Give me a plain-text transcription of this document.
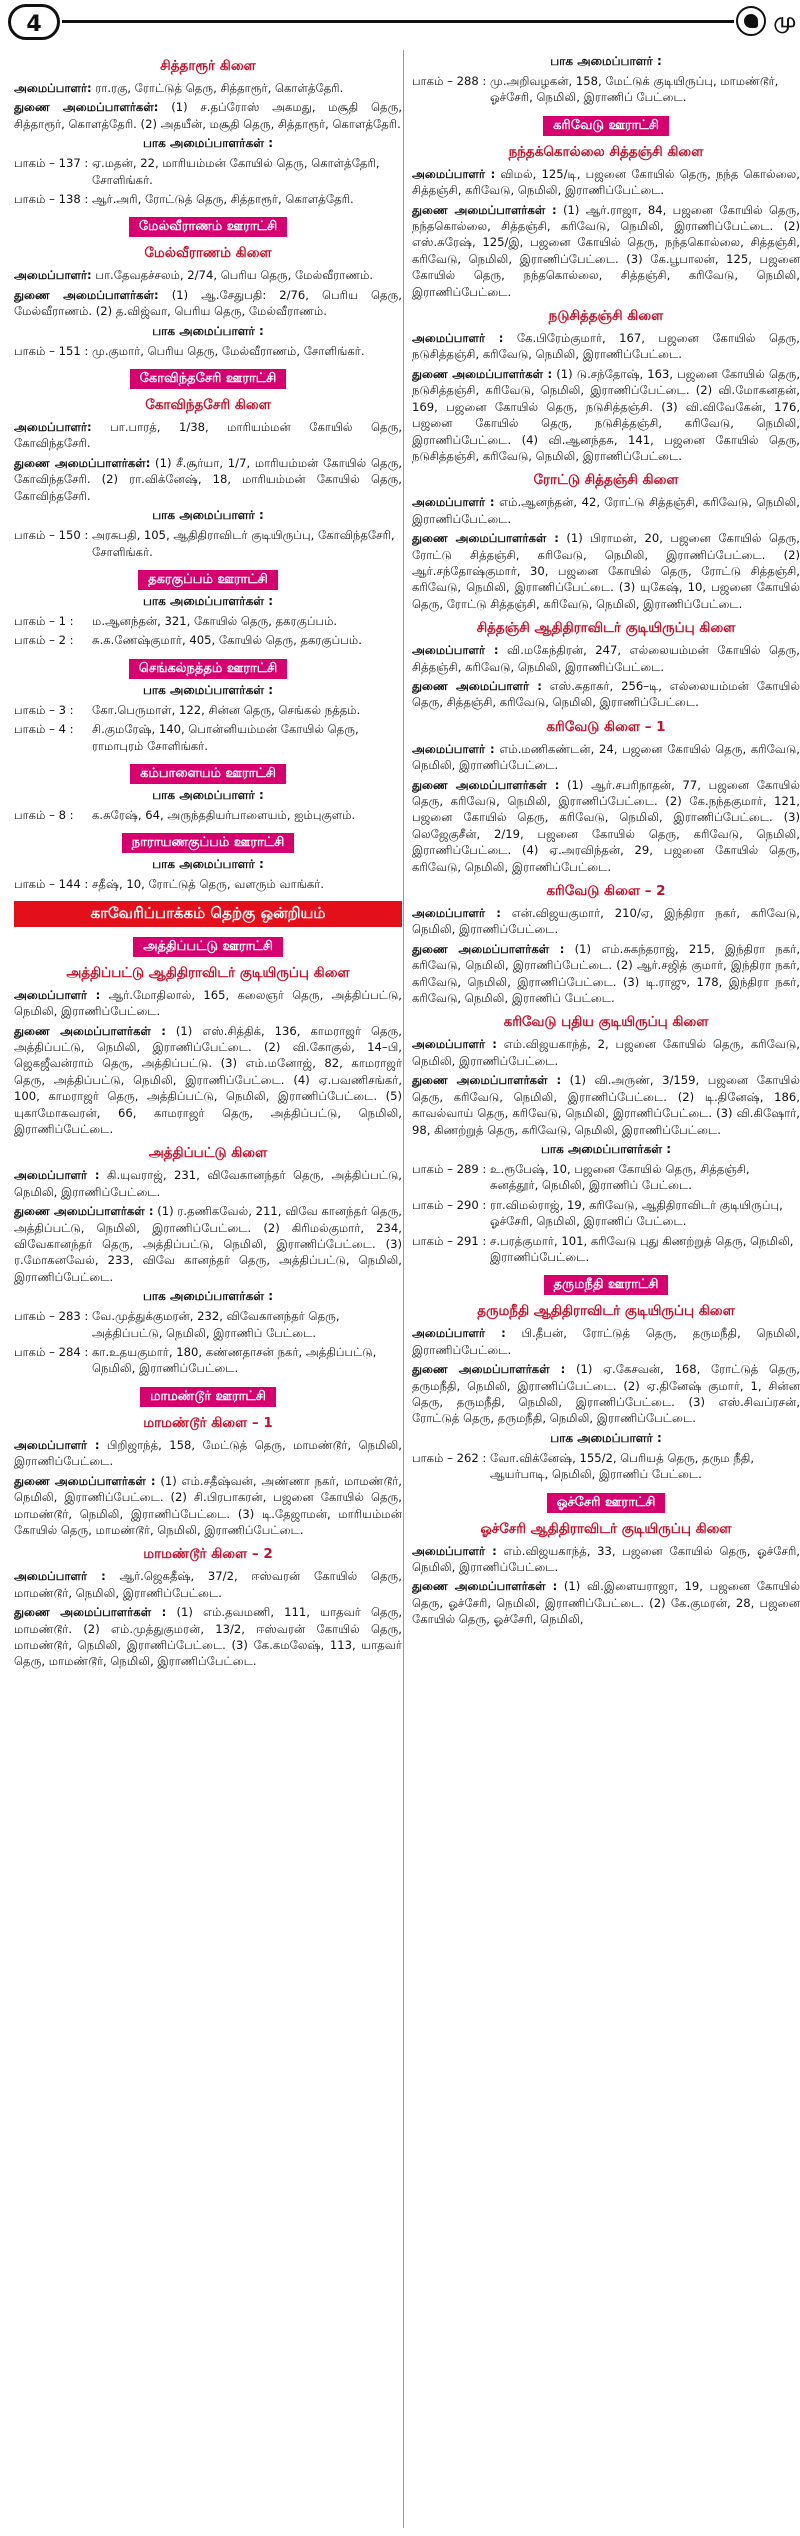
4	மு
சித்தாரூர் கிளை
அமைப்பாளர்: ரா.ரகு, ரோட்டுத் தெரு, சித்தாரூர், கொள்த்தேரி.
துணை அமைப்பாளர்கள்: (1) ச.தப்ரோஸ் அகமது, மசூதி தெரு, சித்தாரூர், கொளத்தேரி. (2) அதயீன், மசூதி தெரு, சித்தாரூர், கொளத்தேரி.
பாக அமைப்பாளர்கள் :
பாகம் – 137 : ஏ.மதன், 22, மாரியம்மன் கோயில் தெரு, கொள்த்தேரி, சோளிங்கர்.
பாகம் – 138 : ஆர்.அரி, ரோட்டுத் தெரு, சித்தாரூர், கொளத்தேரி.
மேல்வீராணம் ஊராட்சி
மேல்வீராணம் கிளை
அமைப்பாளர்: பா.தேவதச்சலம், 2/74, பெரிய தெரு, மேல்வீராணம்.
துணை அமைப்பாளர்கள்: (1) ஆ.சேதுபதி: 2/76, பெரிய தெரு, மேல்வீராணம். (2) த.விஜ்வா, பெரிய தெரு, மேல்வீராணம்.
பாக அமைப்பாளர் :
பாகம் – 151 : மு.குமார், பெரிய தெரு, மேல்வீராணம், சோளிங்கர்.
கோவிந்தசேரி ஊராட்சி
கோவிந்தசேரி கிளை
அமைப்பாளர்: பா.பாரத், 1/38, மாரியம்மன் கோயில் தெரு, கோவிந்தசேரி.
துணை அமைப்பாளர்கள்: (1) சீ.சூர்யா, 1/7, மாரியம்மன் கோயில் தெரு, கோவிந்தசேரி. (2) ரா.விக்னேஷ், 18, மாரியம்மன் கோயில் தெரு, கோவிந்தசேரி.
பாக அமைப்பாளர் :
பாகம் – 150 : அரசுபதி, 105, ஆதிதிராவிடர் குடியிருப்பு, கோவிந்தசேரி, சோளிங்கர்.
தகரகுப்பம் ஊராட்சி
பாக அமைப்பாளர்கள் :
பாகம் – 1 :	ம.ஆனந்தன், 321, கோயில் தெரு, தகரகுப்பம்.
பாகம் – 2 :	சு.க.ணேஷ்குமார், 405, கோயில் தெரு, தகரகுப்பம்.
செங்கல்நத்தம் ஊராட்சி
பாக அமைப்பாளர்கள் :
பாகம் – 3 :	கோ.பெருமாள், 122, சின்ன தெரு, செங்கல் நத்தம்.
பாகம் – 4 :	சி.குமரேஷ், 140, பொன்னியம்மன் கோயில் தெரு, ராமாபுரம் சோளிங்கர்.
கம்பாளையம் ஊராட்சி
பாக அமைப்பாளர் :
பாகம் – 8 :	க.சுரேஷ், 64, அருந்ததியர்பாளையம், ஐம்புகுளம்.
நாராயணகுப்பம் ஊராட்சி
பாக அமைப்பாளர் :
பாகம் – 144 : சதீஷ், 10, ரோட்டுத் தெரு, வளரும் வாங்கர்.
காவேரிப்பாக்கம் தெற்கு ஒன்றியம்
அத்திப்பட்டு ஊராட்சி
அத்திப்பட்டு ஆதிதிராவிடர் குடியிருப்பு கிளை
அமைப்பாளர் : ஆர்.மோதிலால், 165, கலைஞர் தெரு, அத்திப்பட்டு, நெமிலி, இராணிப்பேட்டை.
துணை அமைப்பாளர்கள் : (1) எஸ்.சித்திக், 136, காமராஜர் தெரு, அத்திப்பட்டு, நெமிலி, இராணிப்பேட்டை. (2) வி.கோகுல், 14–பி, ஜெகஜீவன்ராம் தெரு, அத்திப்பட்டு. (3) எம்.மனோஜ், 82, காமராஜர் தெரு, அத்திப்பட்டு, நெமிலி, இராணிப்பேட்டை. (4) ஏ.பவணிசங்கர், 100, காமராஜர் தெரு, அத்திப்பட்டு, நெமிலி, இராணிப்பேட்டை. (5) யுகாமோகவரன், 66, காமராஜர் தெரு, அத்திப்பட்டு, நெமிலி, இராணிப்பேட்டை.
அத்திப்பட்டு கிளை
அமைப்பாளர் : கி.யுவராஜ், 231, விவேகானந்தர் தெரு, அத்திப்பட்டு, நெமிலி, இராணிப்பேட்டை.
துணை அமைப்பாளர்கள் : (1) ர.தணிகவேல், 211, விவே கானந்தர் தெரு, அத்திப்பட்டு, நெமிலி, இராணிப்பேட்டை. (2) கிரிமல்குமார், 234, விவேகானந்தர் தெரு, அத்திப்பட்டு, நெமிலி, இராணிப்பேட்டை. (3) ர.மோகனவேல், 233, விவே கானந்தர் தெரு, அத்திப்பட்டு, நெமிலி, இராணிப்பேட்டை.
பாக அமைப்பாளர்கள் :
பாகம் – 283 : வே.முத்துக்குமரன், 232, விவேகானந்தர் தெரு, அத்திப்பட்டு, நெமிலி, இராணிப் பேட்டை.
பாகம் – 284 : கா.உதயகுமார், 180, கண்ணதாசன் நகர், அத்திப்பட்டு, நெமிலி, இராணிப்பேட்டை.
மாமண்டூர் ஊராட்சி
மாமண்டூர் கிளை – 1
அமைப்பாளர் : பிறிஜாந்த், 158, மேட்டுத் தெரு, மாமண்டூர், நெமிலி, இராணிப்பேட்டை.
துணை அமைப்பாளர்கள் : (1) எம்.சதீஷ்வன், அண்ணா நகர், மாமண்டூர், நெமிலி, இராணிப்பேட்டை. (2) சி.பிரபாகரன், பஜனை கோயில் தெரு, மாமண்டூர், நெமிலி, இராணிப்பேட்டை. (3) டி.தேஜாமன், மாரியம்மன் கோயில் தெரு, மாமண்டூர், நெமிலி, இராணிப்பேட்டை.
மாமண்டூர் கிளை – 2
அமைப்பாளர் : ஆர்.ஜெகதீஷ், 37/2, ஈஸ்வரன் கோயில் தெரு, மாமண்டூர், நெமிலி, இராணிப்பேட்டை.
துணை அமைப்பாளர்கள் : (1) எம்.தவமணி, 111, யாதவர் தெரு, மாமண்டூர். (2) எம்.முத்துகுமரன், 13/2, ஈஸ்வரன் கோயில் தெரு, மாமண்டூர், நெமிலி, இராணிப்பேட்டை. (3) கே.கமலேஷ், 113, யாதவர் தெரு, மாமண்டூர், நெமிலி, இராணிப்பேட்டை.
பாக அமைப்பாளர் :
பாகம் – 288 : மு.அறிவழகன், 158, மேட்டுக் குடியிருப்பு, மாமண்டூர், ஓச்சேரி, நெமிலி, இராணிப் பேட்டை.
கரிவேடு ஊராட்சி
நந்தக்கொல்லை சித்தஞ்சி கிளை
அமைப்பாளர் : விமல், 125/டி, பஜனை கோயில் தெரு, நந்த கொல்லை, சித்தஞ்சி, கரிவேடு, நெமிலி, இராணிப்பேட்டை.
துணை அமைப்பாளர்கள் : (1) ஆர்.ராஜா, 84, பஜனை கோயில் தெரு, நந்தகொல்லை, சித்தஞ்சி, கரிவேடு, நெமிலி, இராணிப்பேட்டை. (2) எஸ்.சுரேஷ், 125/இ, பஜனை கோயில் தெரு, நந்தகொல்லை, சித்தஞ்சி, கரிவேடு, நெமிலி, இராணிப்பேட்டை. (3) கே.பூபாலன், 125, பஜனை கோயில் தெரு, நந்தகொல்லை, சித்தஞ்சி, கரிவேடு, நெமிலி, இராணிப்பேட்டை.
நடுசித்தஞ்சி கிளை
அமைப்பாளர் : கே.பிரேம்குமார், 167, பஜனை கோயில் தெரு, நடுசித்தஞ்சி, கரிவேடு, நெமிலி, இராணிப்பேட்டை.
துணை அமைப்பாளர்கள் : (1) டு.சந்தோஷ், 163, பஜனை கோயில் தெரு, நடுசித்தஞ்சி, கரிவேடு, நெமிலி, இராணிப்பேட்டை. (2) வி.மோகனதன், 169, பஜனை கோயில் தெரு, நடுசித்தஞ்சி. (3) வி.விவேகேன், 176, பஜனை கோயில் தெரு, நடுசித்தஞ்சி, கரிவேடு, நெமிலி, இராணிப்பேட்டை. (4) வி.ஆனந்தசு, 141, பஜனை கோயில் தெரு, நடுசித்தஞ்சி, கரிவேடு, நெமிலி, இராணிப்பேட்டை.
ரோட்டு சித்தஞ்சி கிளை
அமைப்பாளர் : எம்.ஆனந்தன், 42, ரோட்டு சித்தஞ்சி, கரிவேடு, நெமிலி, இராணிப்பேட்டை.
துணை அமைப்பாளர்கள் : (1) பிராமன், 20, பஜனை கோயில் தெரு, ரோட்டு சித்தஞ்சி, கரிவேடு, நெமிலி, இராணிப்பேட்டை. (2) ஆர்.சந்தோஷ்குமார், 30, பஜனை கோயில் தெரு, ரோட்டு சித்தஞ்சி, கரிவேடு, நெமிலி, இராணிப்பேட்டை. (3) யுகேஷ், 10, பஜனை கோயில் தெரு, ரோட்டு சித்தஞ்சி, கரிவேடு, நெமிலி, இராணிப்பேட்டை.
சித்தஞ்சி ஆதிதிராவிடர் குடியிருப்பு கிளை
அமைப்பாளர் : வி.மகேந்திரன், 247, எல்லையம்மன் கோயில் தெரு, சித்தஞ்சி, கரிவேடு, நெமிலி, இராணிப்பேட்டை.
துணை அமைப்பாளர் : எஸ்.சுதாகர், 256–டி, எல்லையம்மன் கோயில் தெரு, சித்தஞ்சி, கரிவேடு, நெமிலி, இராணிப்பேட்டை.
கரிவேடு கிளை – 1
அமைப்பாளர் : எம்.மணிகண்டன், 24, பஜனை கோயில் தெரு, கரிவேடு, நெமிலி, இராணிப்பேட்டை.
துணை அமைப்பாளர்கள் : (1) ஆர்.சபரிநாதன், 77, பஜனை கோயில் தெரு, கரிவேடு, நெமிலி, இராணிப்பேட்டை. (2) கே.நந்தகுமார், 121, பஜனை கோயில் தெரு, கரிவேடு, நெமிலி, இராணிப்பேட்டை. (3) லெஜேகுசீன், 2/19, பஜனை கோயில் தெரு, கரிவேடு, நெமிலி, இராணிப்பேட்டை. (4) ஏ.அரவிந்தன், 29, பஜனை கோயில் தெரு, கரிவேடு, நெமிலி, இராணிப்பேட்டை.
கரிவேடு கிளை – 2
அமைப்பாளர் : என்.விஜயகுமார், 210/ஏ, இந்திரா நகர், கரிவேடு, நெமிலி, இராணிப்பேட்டை.
துணை அமைப்பாளர்கள் : (1) எம்.சுகந்தராஜ், 215, இந்திரா நகர், கரிவேடு, நெமிலி, இராணிப்பேட்டை. (2) ஆர்.சஜித் குமார், இந்திரா நகர், கரிவேடு, நெமிலி, இராணிப்பேட்டை. (3) டி.ராஜு, 178, இந்திரா நகர், கரிவேடு, நெமிலி, இராணிப் பேட்டை.
கரிவேடு புதிய குடியிருப்பு கிளை
அமைப்பாளர் : எம்.விஜயகாந்த், 2, பஜனை கோயில் தெரு, கரிவேடு, நெமிலி, இராணிப்பேட்டை.
துணை அமைப்பாளர்கள் : (1) வி.அருண், 3/159, பஜனை கோயில் தெரு, கரிவேடு, நெமிலி, இராணிப்பேட்டை. (2) டி.தினேஷ், 186, காவல்வாய் தெரு, கரிவேடு, நெமிலி, இராணிப்பேட்டை. (3) வி.கிஷோர், 98, கிணற்றுத் தெரு, கரிவேடு, நெமிலி, இராணிப்பேட்டை.
பாக அமைப்பாளர்கள் :
பாகம் – 289 : உ.ரூபேஷ், 10, பஜனை கோயில் தெரு, சித்தஞ்சி, சுனத்தூர், நெமிலி, இராணிப் பேட்டை.
பாகம் – 290 : ரா.விமல்ராஜ், 19, கரிவேடு, ஆதிதிராவிடர் குடியிருப்பு, ஓச்சேரி, நெமிலி, இராணிப் பேட்டை.
பாகம் – 291 : ச.பரத்குமார், 101, கரிவேடு புது கிணற்றுத் தெரு, நெமிலி, இராணிப்பேட்டை.
தருமநீதி ஊராட்சி
தருமநீதி ஆதிதிராவிடர் குடியிருப்பு கிளை
அமைப்பாளர் : பி.தீபன், ரோட்டுத் தெரு, தருமநீதி, நெமிலி, இராணிப்பேட்டை.
துணை அமைப்பாளர்கள் : (1) ஏ.கேசவன், 168, ரோட்டுத் தெரு, தருமநீதி, நெமிலி, இராணிப்பேட்டை. (2) ஏ.தினேஷ் குமார், 1, சின்ன தெரு, தருமநீதி, நெமிலி, இராணிப்பேட்டை. (3) எஸ்.சிவப்ரசன், ரோட்டுத் தெரு, தருமநீதி, நெமிலி, இராணிப்பேட்டை.
பாக அமைப்பாளர் :
பாகம் – 262 : வோ.விக்னேஷ், 155/2, பெரியத் தெரு, தரும நீதி, ஆயர்பாடி, நெமிலி, இராணிப் பேட்டை.
ஓச்சேரி ஊராட்சி
ஓச்சேரி ஆதிதிராவிடர் குடியிருப்பு கிளை
அமைப்பாளர் : எம்.விஜயகாந்த், 33, பஜனை கோயில் தெரு, ஓச்சேரி, நெமிலி, இராணிப்பேட்டை.
துணை அமைப்பாளர்கள் : (1) வி.இளையராஜா, 19, பஜனை கோயில் தெரு, ஓச்சேரி, நெமிலி, இராணிப்பேட்டை. (2) கே.குமரன், 28, பஜனை கோயில் தெரு, ஓச்சேரி, நெமிலி,
